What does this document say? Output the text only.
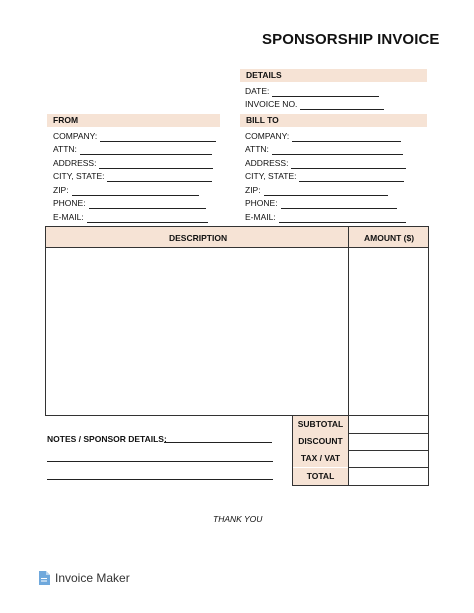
SPONSORSHIP INVOICE
DETAILS
DATE:
INVOICE NO.
FROM
COMPANY:
ATTN:
ADDRESS:
CITY, STATE:
ZIP:
PHONE:
E-MAIL:
BILL TO
COMPANY:
ATTN:
ADDRESS:
CITY, STATE:
ZIP:
PHONE:
E-MAIL:
DESCRIPTION	AMOUNT ($)
SUBTOTAL
DISCOUNT
TAX / VAT
TOTAL
NOTES / SPONSOR DETAILS:
THANK YOU
Invoice Maker
